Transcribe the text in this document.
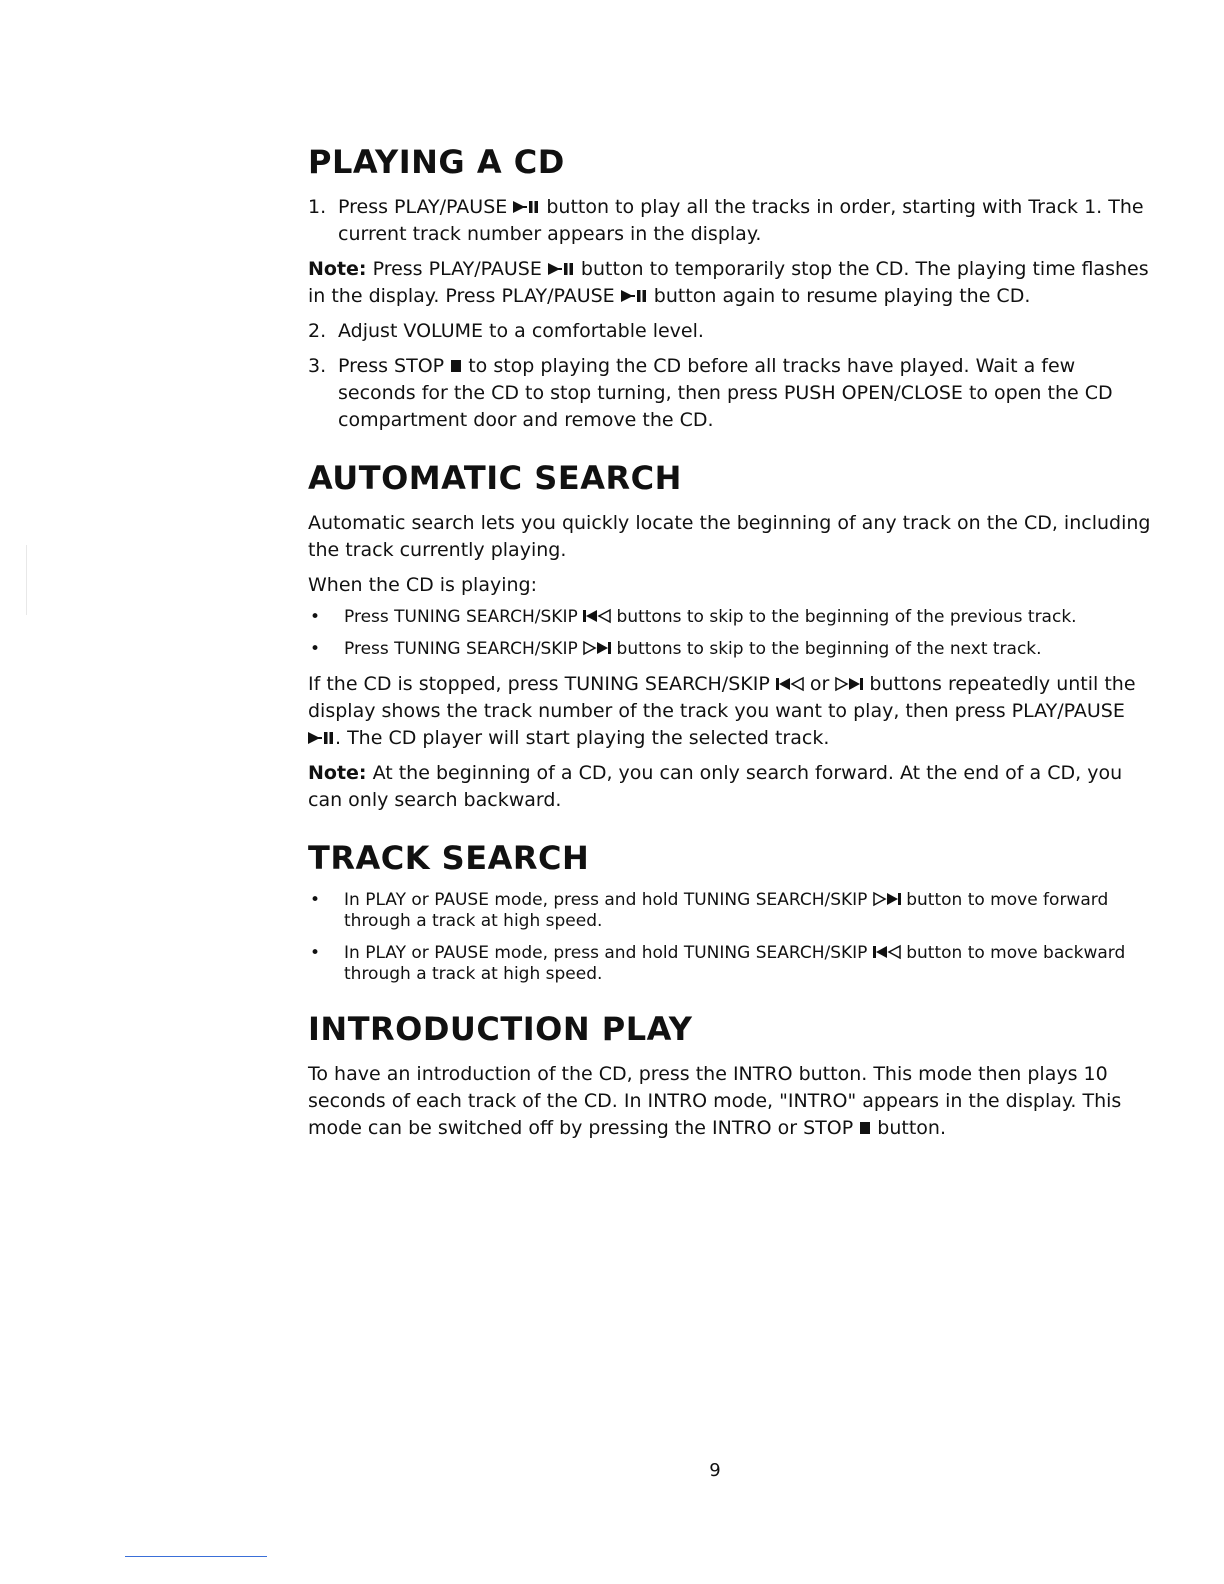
PLAYING A CD
1. Press PLAY/PAUSE  button to play all the tracks in order, starting with Track 1. The current track number appears in the display.

Note: Press PLAY/PAUSE  button to temporarily stop the CD. The playing time flashes in the display. Press PLAY/PAUSE  button again to resume playing the CD.

2. Adjust VOLUME to a comfortable level.
3. Press STOP  to stop playing the CD before all tracks have played. Wait a few seconds for the CD to stop turning, then press PUSH OPEN/CLOSE to open the CD compartment door and remove the CD.
AUTOMATIC SEARCH

Automatic search lets you quickly locate the beginning of any track on the CD, including the track currently playing.

When the CD is playing:

•	Press TUNING SEARCH/SKIP  buttons to skip to the beginning of the previous track.
•	Press TUNING SEARCH/SKIP  buttons to skip to the beginning of the next track.

If the CD is stopped, press TUNING SEARCH/SKIP  or  buttons repeatedly until the display shows the track number of the track you want to play, then press PLAY/PAUSE . The CD player will start playing the selected track.

Note: At the beginning of a CD, you can only search forward. At the end of a CD, you can only search backward.

TRACK SEARCH
•	In PLAY or PAUSE mode, press and hold TUNING SEARCH/SKIP  button to move forward through a track at high speed.
•	In PLAY or PAUSE mode, press and hold TUNING SEARCH/SKIP  button to move backward through a track at high speed.
INTRODUCTION PLAY

To have an introduction of the CD, press the INTRO button. This mode then plays 10 seconds of each track of the CD. In INTRO mode, "INTRO" appears in the display. This mode can be switched off by pressing the INTRO or STOP  button.

9
